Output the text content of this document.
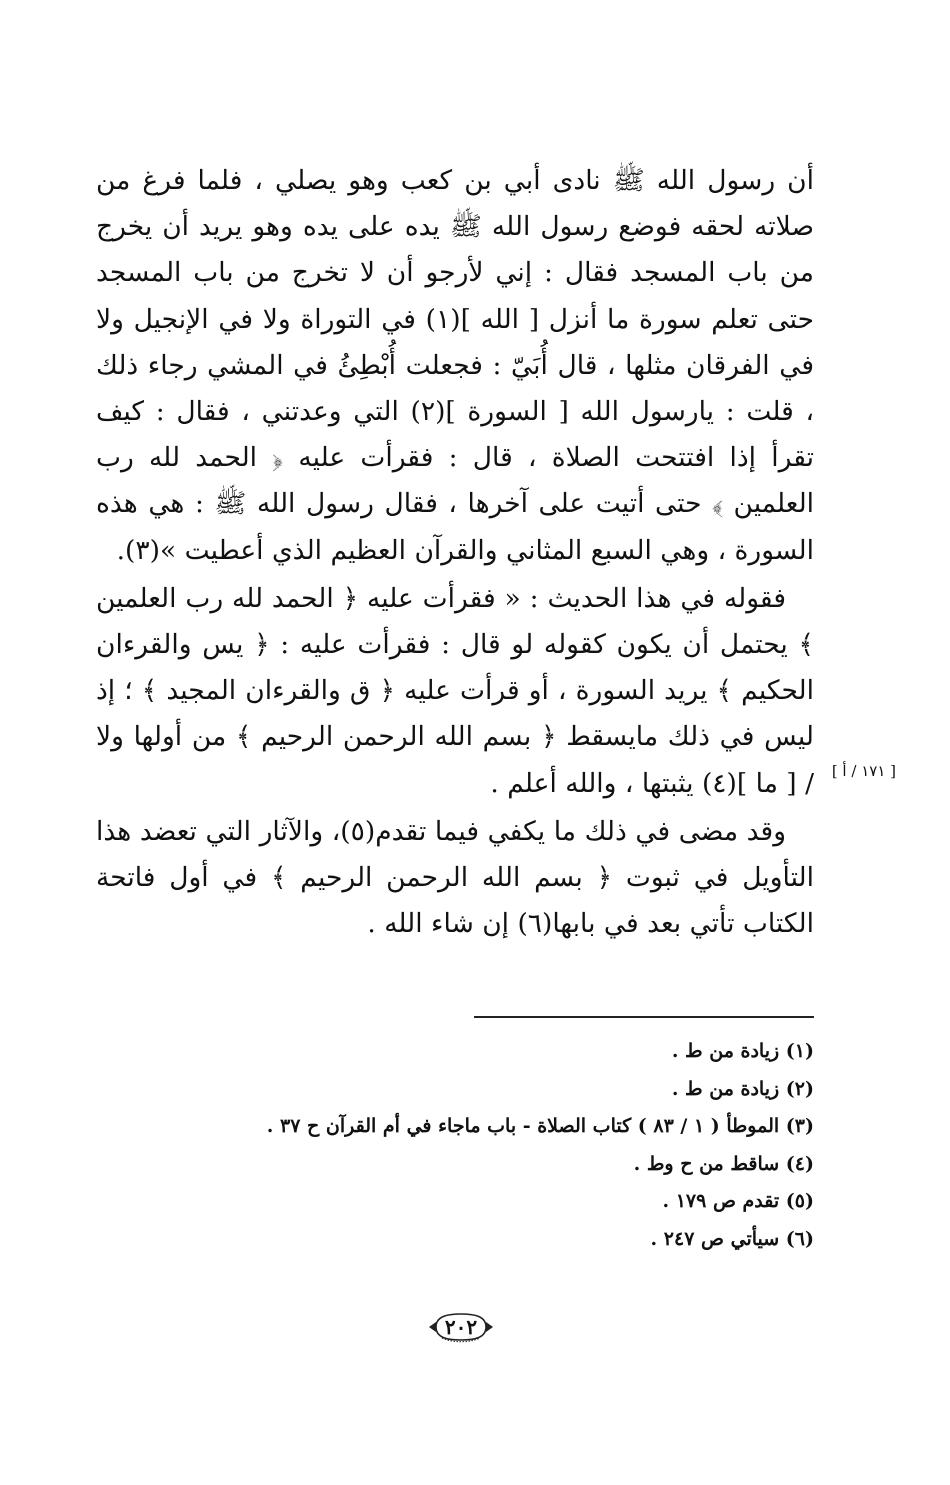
أن رسول الله ﷺ نادى أبي بن كعب وهو يصلي ، فلما فرغ من صلاته لحقه فوضع رسول الله ﷺ يده على يده وهو يريد أن يخرج من باب المسجد فقال : إني لأرجو أن لا تخرج من باب المسجد حتى تعلم سورة ما أنزل [ الله ](١) في التوراة ولا في الإنجيل ولا في الفرقان مثلها ، قال أُبَيّ : فجعلت أُبْطِئُ في المشي رجاء ذلك ، قلت : يارسول الله [ السورة ](٢) التي وعدتني ، فقال : كيف تقرأ إذا افتتحت الصلاة ، قال : فقرأت عليه ﴿ الحمد لله رب العلمين ﴾ حتى أتيت على آخرها ، فقال رسول الله ﷺ : هي هذه السورة ، وهي السبع المثاني والقرآن العظيم الذي أعطيت »(٣).

فقوله في هذا الحديث : « فقرأت عليه ﴿ الحمد لله رب العلمين ﴾ يحتمل أن يكون كقوله لو قال : فقرأت عليه : ﴿ يس والقرءان الحكيم ﴾ يريد السورة ، أو قرأت عليه ﴿ ق والقرءان المجيد ﴾ ؛ إذ ليس في ذلك مايسقط ﴿ بسم الله الرحمن الرحيم ﴾ من أولها ولا / [ ما ](٤) يثبتها ، والله أعلم .

وقد مضى في ذلك ما يكفي فيما تقدم(٥)، والآثار التي تعضد هذا التأويل في ثبوت ﴿ بسم الله الرحمن الرحيم ﴾ في أول فاتحة الكتاب تأتي بعد في بابها(٦) إن شاء الله .

[ ١٧١ / أ ]
(١) زيادة من ط .
(٢) زيادة من ط .
(٣) الموطأ ( ١ / ٨٣ ) كتاب الصلاة - باب ماجاء في أم القرآن ح ٣٧ .
(٤) ساقط من ح وط .
(٥) تقدم ص ١٧٩ .
(٦) سيأتي ص ٢٤٧ .
٢٠٢
